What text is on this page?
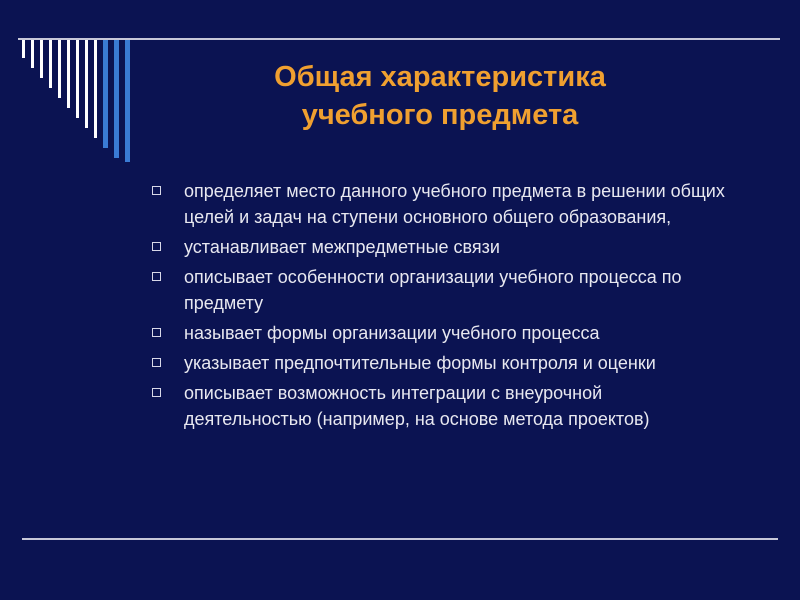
Общая характеристика
учебного предмета
определяет место данного учебного предмета в решении общих целей и задач на ступени основного общего образования,
устанавливает межпредметные связи
описывает особенности организации учебного процесса по предмету
называет формы организации учебного процесса
указывает предпочтительные формы контроля и оценки
описывает возможность интеграции с внеурочной деятельностью (например, на основе метода проектов)
